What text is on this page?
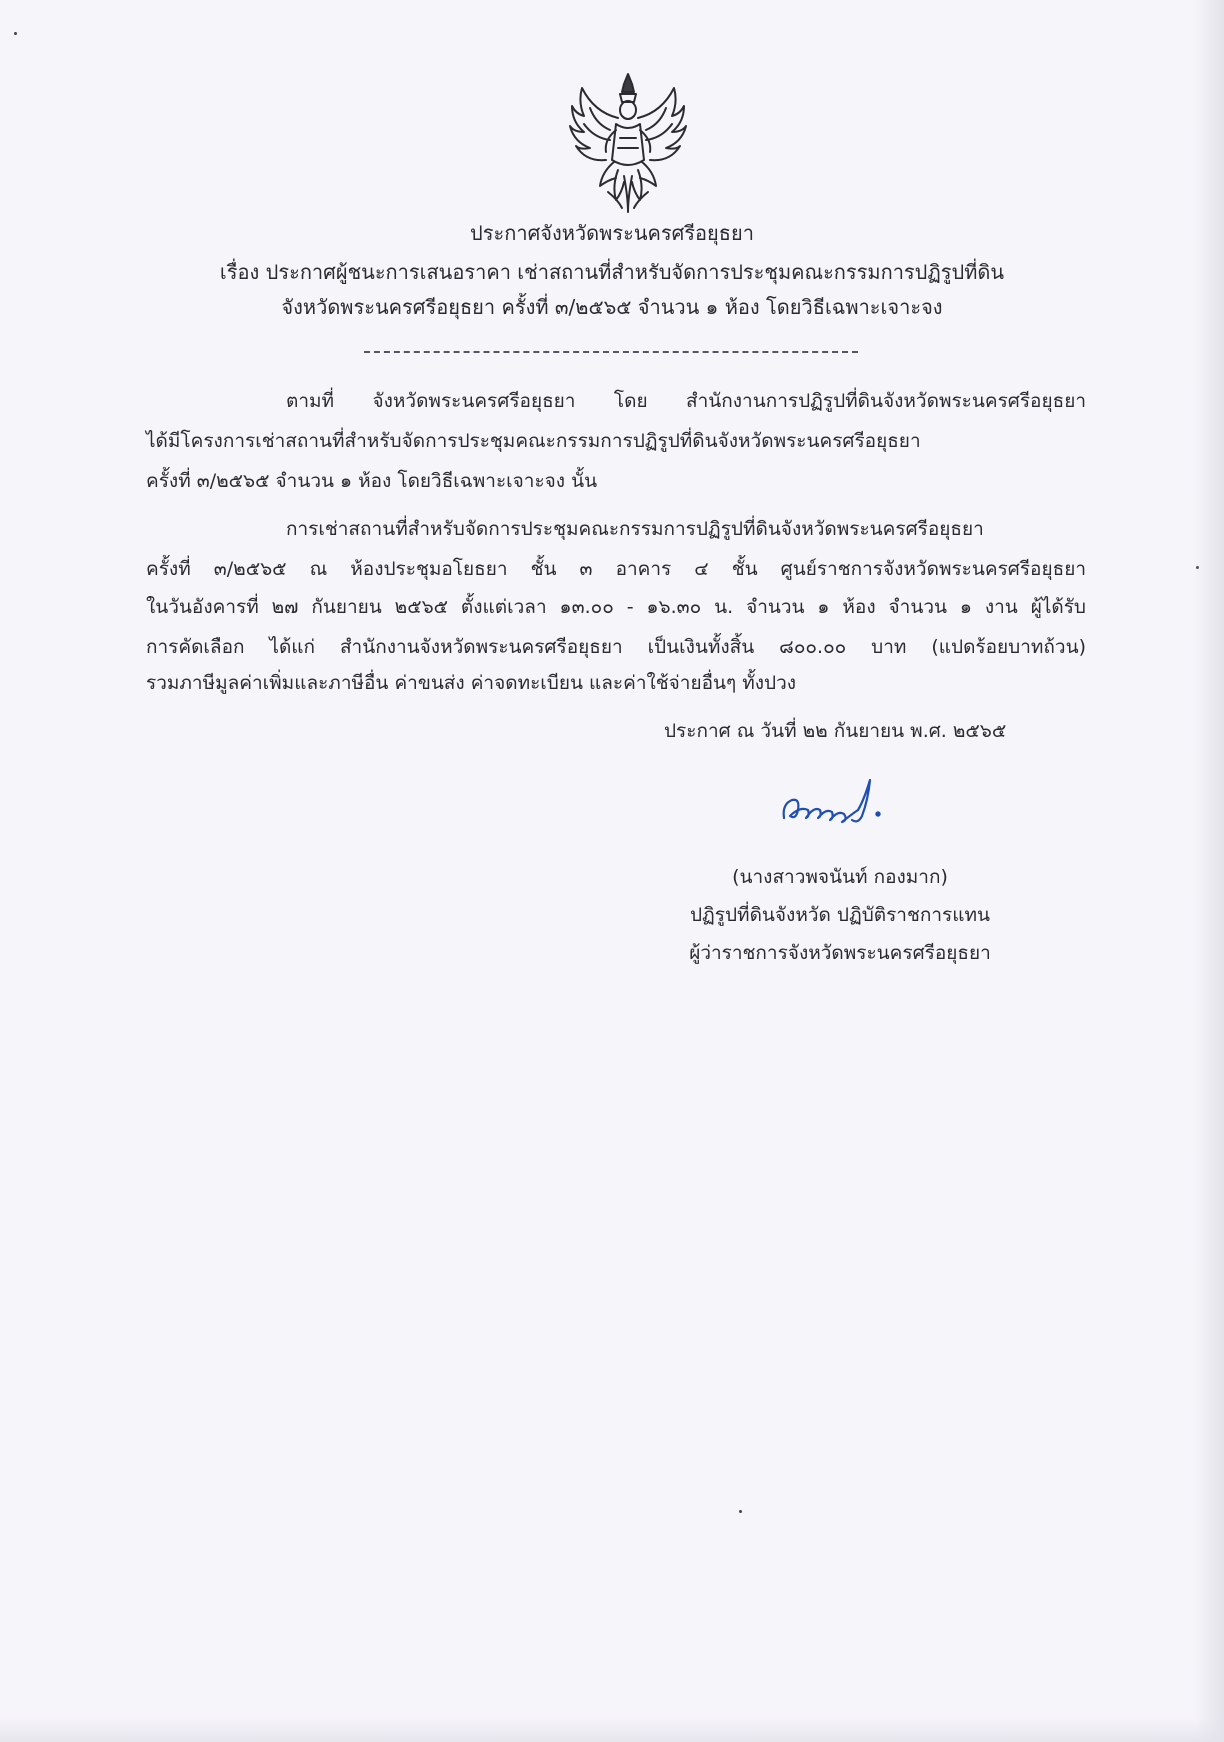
ประกาศจังหวัดพระนครศรีอยุธยา
เรื่อง ประกาศผู้ชนะการเสนอราคา เช่าสถานที่สำหรับจัดการประชุมคณะกรรมการปฏิรูปที่ดิน
จังหวัดพระนครศรีอยุธยา ครั้งที่ ๓/๒๕๖๕ จำนวน ๑ ห้อง โดยวิธีเฉพาะเจาะจง
ตามที่ จังหวัดพระนครศรีอยุธยา โดย สำนักงานการปฏิรูปที่ดินจังหวัดพระนครศรีอยุธยา
ได้มีโครงการเช่าสถานที่สำหรับจัดการประชุมคณะกรรมการปฏิรูปที่ดินจังหวัดพระนครศรีอยุธยา
ครั้งที่ ๓/๒๕๖๕ จำนวน ๑ ห้อง โดยวิธีเฉพาะเจาะจง นั้น
การเช่าสถานที่สำหรับจัดการประชุมคณะกรรมการปฏิรูปที่ดินจังหวัดพระนครศรีอยุธยา
ครั้งที่ ๓/๒๕๖๕ ณ ห้องประชุมอโยธยา ชั้น ๓ อาคาร ๔ ชั้น ศูนย์ราชการจังหวัดพระนครศรีอยุธยา
ในวันอังคารที่ ๒๗ กันยายน ๒๕๖๕ ตั้งแต่เวลา ๑๓.๐๐ - ๑๖.๓๐ น. จำนวน ๑ ห้อง จำนวน ๑ งาน ผู้ได้รับ
การคัดเลือก ได้แก่ สำนักงานจังหวัดพระนครศรีอยุธยา เป็นเงินทั้งสิ้น ๘๐๐.๐๐ บาท (แปดร้อยบาทถ้วน)
รวมภาษีมูลค่าเพิ่มและภาษีอื่น ค่าขนส่ง ค่าจดทะเบียน และค่าใช้จ่ายอื่นๆ ทั้งปวง
ประกาศ ณ วันที่ ๒๒ กันยายน พ.ศ. ๒๕๖๕
(นางสาวพจนันท์ กองมาก)
ปฏิรูปที่ดินจังหวัด ปฏิบัติราชการแทน
ผู้ว่าราชการจังหวัดพระนครศรีอยุธยา
